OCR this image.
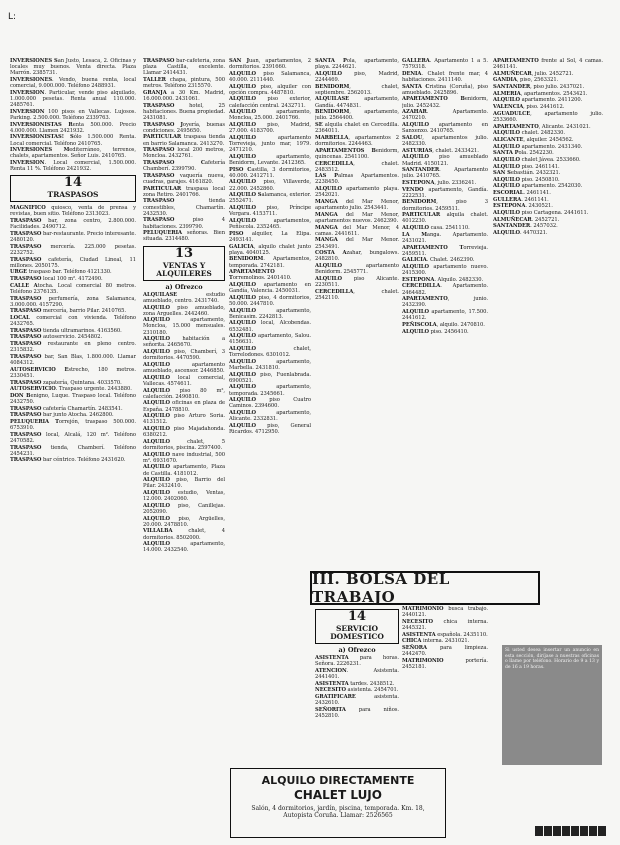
L:

INVERSIONES San Justo, Lesaca, 2. Oficinas y locales muy buenos. Venta directa. Plaza Marrón. 2385731.

INVERSIONES. Vendo, buena renta, local comercial, 9.000.000. Teléfono 2488931.

INVERSION. Particular, vende piso alquilado, 1.000.000 pesetas. Renta anual 110.000. 2485761.

INVERSION 100 pisos en Vallecas. Lujosos. Parking. 2.500.000. Teléfono 2339763.

INVERSIONISTAS Renta 500.000. Precio 4.000.000. Llamen 2421932.

INVERSIONISTAS! Sólo 1.500.000 Renta. Local comercial. Teléfono 2410765.

INVERSIONES Mediterráneo, terrenos, chalets, apartamentos. Señor Luis. 2410765.

INVERSION. Local comercial, 1.500.000. Renta 11 %. Teléfono 2421932.

14
TRASPASOS

MAGNIFICO quiosco, venta de prensa y revistas, buen sitio. Teléfono 2313023.

TRASPASO bar, zona centro, 2.800.000. Facilidades. 2490712.

TRASPASO bar-restaurante. Precio interesante. 2480120.

TRASPASO mercería. 225.000 pesetas. 2232752.

TRASPASO cafetería, Ciudad Lineal, 11 millones. 2050175.

URGE traspaso bar. Teléfono 4121330.

TRASPASO local 100 m². 4172490.

CALLE Atocha. Local comercial 80 metros. Teléfono 2376135.

TRASPASO perfumería, zona Salamanca, 3.000.000. 4157290.

TRASPASO mercería, barrio Pilar. 2410765.

LOCAL comercial con vivienda. Teléfono 2432765.

TRASPASO tienda ultramarinos. 4163560.

TRASPASO autoservicio. 2454802.

TRASPASO restaurante en pleno centro. 2315832.

TRASPASO bar, San Blas, 1.800.000. Llamar 4084312.

AUTOSERVICIO Estrecho, 180 metros. 2330451.

TRASPASO zapatería, Quintana. 4033570.

AUTOSERVICIO. Traspaso urgente. 2443880.

DON Benigno, Luque. Traspaso local. Teléfono 2432750.

TRASPASO cafetería Chamartín. 2483541.

TRASPASO bar junto Atocha. 2462800.

PELUQUERIA Torrejón, traspaso 500.000. 6753910.

TRASPASO local, Alcalá, 120 m². Teléfono 2470582.

TRASPASO tienda, Chamberí. Teléfono 2454231.

TRASPASO bar céntrico. Teléfono 2431620.

TRASPASO bar-cafetería, zona plaza Castilla, excelente. Llamar 2414431.

TALLER chapa, pintura, 500 metros. Teléfono 2315570.

GRANJA a 30 Km. Madrid, 16.000.000. 2431061.

TRASPASO hotel, 25 habitaciones. Buena propiedad. 2431081.

TRASPASO Joyería, buenas condiciones. 2495650.

PARTICULAR traspasa tienda en barrio Salamanca. 2413270.

TRASPASO local 200 metros, Moncloa. 2432761.

TRASPASO Cafetería Chamberí. 2399790.

TRASPASO vaquería nueva, cuadras, garajes. 4161820.

PARTICULAR traspasa local zona Retiro. 2401766.

TRASPASO tienda comestibles, Chamartín. 2432530.

TRASPASO piso 4 habitaciones. 2399790.

PELUQUERIA señoras. Bien situada. 2314480.

13
VENTAS Y ALQUILERES
a) Ofrezco

ALQUILASE estudio amueblado, centro. 2431740.

ALQUILO piso amueblado, zona Arguelles. 2442460.

ALQUILO apartamento, Moncloa, 15.000 mensuales. 2310180.

ALQUILO habitación a señorita. 2465670.

ALQUILO piso, Chamberí, 3 dormitorios. 4470590.

ALQUILO apartamento amueblado, ascensor. 2446850.

ALQUILO local comercial, Vallecas. 4574611.

ALQUILO piso 80 m², calefacción. 2490810.

ALQUILO oficinas en plaza de España. 2478810.

ALQUILO piso Arturo Soria. 4131512.

ALQUILO piso Majadahonda. 6380212.

ALQUILO chalet, 5 dormitorios, piscina. 2597400.

ALQUILO nave industrial, 500 m². 6931670.

ALQUILO apartamento, Plaza de Castilla. 4181012.

ALQUILO piso, Barrio del Pilar. 2432410.

ALQUILO estudio, Ventas, 12.000. 2402060.

ALQUILO piso, Canillejas. 2052090.

ALQUILO piso, Argüelles, 20.000. 2478810.

VILLALBA chalet, 4 dormitorios. 8502000.

ALQUILO apartamento, 14.000. 2432540.

SAN Juan, apartamentos, 2 dormitorios. 2391660.

ALQUILO piso Salamanca, 40.000. 2111440.

ALQUILO piso, alquiler con opción compra. 4487810.

ALQUILO piso exterior, calefacción central. 2432711.

ALQUILO apartamento, Moncloa, 25.000. 2401766.

ALQUILO piso, Madrid, 27.000. 4183700.

ALQUILO apartamento Torrevieja, junto mar, 1979. 2471210.

ALQUILO apartamento, Benidorm, Levante. 2412365.

PISO Castilla, 3 dormitorios, 40.000. 2412711.

ALQUILO piso, Villaverde, 22.000. 2452860.

ALQUILO Salamanca, exterior. 2552471.

ALQUILO piso, Príncipe Vergara. 4153711.

ALQUILO apartamentos, Peñíscola. 2352465.

PISO alquiler, La Elipa. 2493141.

GALICIA, alquilo chalet junto playa. 4040125.

BENIDORM. Apartamentos, temporada. 2742181.

APARTAMENTO Torremolinos. 2401410.

ALQUILO apartamento en Gandía, Valencia. 2450031.

ALQUILO piso, 4 dormitorios, 50.000. 2447810.

ALQUILO apartamento, Benicasim. 2242813.

ALQUILO local, Alcobendas. 6532481.

ALQUILO apartamento, Salou. 4156631.

ALQUILO chalet, Torrelodones. 6301012.

ALQUILO apartamento, Marbella. 2431810.

ALQUILO piso, Fuenlabrada. 6900521.

ALQUILO apartamento, temporada. 2345661.

ALQUILO piso Cuatro Caminos. 2394600.

ALQUILO apartamento, Alicante. 2332831.

ALQUILO piso, General Ricardos. 4712950.

SANTA Pola, apartamento, playa. 2244621.

ALQUILO piso, Madrid, 2244469.

BENIDORM, chalet, septiembre. 2562013.

ALQUILASE apartamento, Gandía. 4474831.

BENIDORM, apartamento, julio. 2564400.

SE alquila chalet en Cercedilla. 2364011.

MARBELLA, apartamentos 2 dormitorios. 2244463.

APARTAMENTOS Benidorm, quincenas. 2541100.

CERCEDILLA, chalet. 2483512.

LAS Palmas Apartamentos. 2238450.

ALQUILO apartamento playa. 2542021.

MANGA del Mar Menor, apartamento julio. 2543441.

MANGA del Mar Menor, apartamentos nuevos. 2462390.

MANGA del Mar Menor, 4 camas. 2441611.

MANGA del Mar Menor. 2543491.

COSTA Azahar, bungalows. 2482810.

ALQUILO apartamento Benidorm. 2545771.

ALQUILO piso Alicante. 2230511.

CERCEDILLA, chalet. 2542110.

GALLERA. Apartamento 1 a 5. 7579318.

DENIA. Chalet frente mar, 4 habitaciones. 2411140.

SANTA Cristina (Coruña), piso amueblado. 2425896.

APARTAMENTO Benidorm, julio. 2452432.

AZAHAR. Apartamento. 2470210.

ALQUILO apartamento en Sanxenxo. 2410765.

SALOU, apartamentos julio. 2482330.

ASTURIAS, chalet. 2433421.

ALQUILO piso amueblado Madrid. 4150121.

SANTANDER. Apartamento julio. 2410765.

ESTEPONA, julio. 2336241.

VENDO apartamento, Gandía. 2222531.

BENIDORM, piso 3 dormitorios. 2459511.

PARTICULAR alquila chalet. 4012230.

ALQUILO casa. 2541110.

LA Manga. Apartamento. 2431021.

APARTAMENTO Torrevieja. 2459511.

GALICIA. Chalet. 2462390.

ALQUILO apartamento nuevo. 2415300.

ESTEPONA. Alquilo. 2482330.

CERCEDILLA. Apartamento. 2464482.

APARTAMENTO, junio. 2432390.

ALQUILO apartamento, 17.500. 2441612.

PEÑISCOLA, alquilo. 2470810.

ALQUILO piso. 2456410.

APARTAMENTO frente al Sol, 4 camas. 2461141.

ALMUÑECAR, julio. 2452721.

GANDIA, piso, 2563321.

SANTANDER, piso julio. 2437021.

ALMERIA, apartamentos. 2543421.

ALQUILO apartamento. 2411200.

VALENCIA, piso. 2441612.

AGUADULCE, apartamento julio. 2533660.

APARTAMENTO, Alicante. 2431021.

ALQUILO chalet. 2482330.

ALICANTE, alquiler. 2454562.

ALQUILO apartamento. 2431340.

SANTA Pola. 2542230.

ALQUILO chalet Jávea. 2533660.

ALQUILO piso. 2461141.

SAN Sebastián. 2432321.

ALQUILO piso. 2450810.

ALQUILO apartamento. 2542030.

ESCORIAL. 2461141.

GULLERA. 2461141.

ESTEPONA. 2430521.

ALQUILO piso Cartagena. 2441611.

ALMUÑECAR. 2452721.

SANTANDER. 2457032.

ALQUILO. 4470321.

III. BOLSA DEL TRABAJO
14
SERVICIO DOMESTICO
a) Ofrezco

ASISTENTA para horas. Señora. 2226231.

ATENCION. Asistenta. 2441401.

ASISTENTA tardes. 2438512.

NECESITO asistenta. 2454701.

GRATIFICARE asistenta. 2432610.

SEÑORITA para niños. 2452810.

MATRIMONIO busca trabajo. 2440121.

NECESITO chica interna. 2445321.

ASISTENTA española. 2435110.

CHICA interna. 2431021.

SEÑORA para limpieza. 2442470.

MATRIMONIO portería. 2452181.

Si usted desea insertar un anuncio en esta sección, diríjase a nuestras oficinas o llame por teléfono. Horario de 9 a 13 y de 16 a 19 horas.
ALQUILO DIRECTAMENTE
CHALET LUJO
Salón, 4 dormitorios, jardín, piscina, temporada. Km. 18, Autopista Coruña. Llamar: 2526565
